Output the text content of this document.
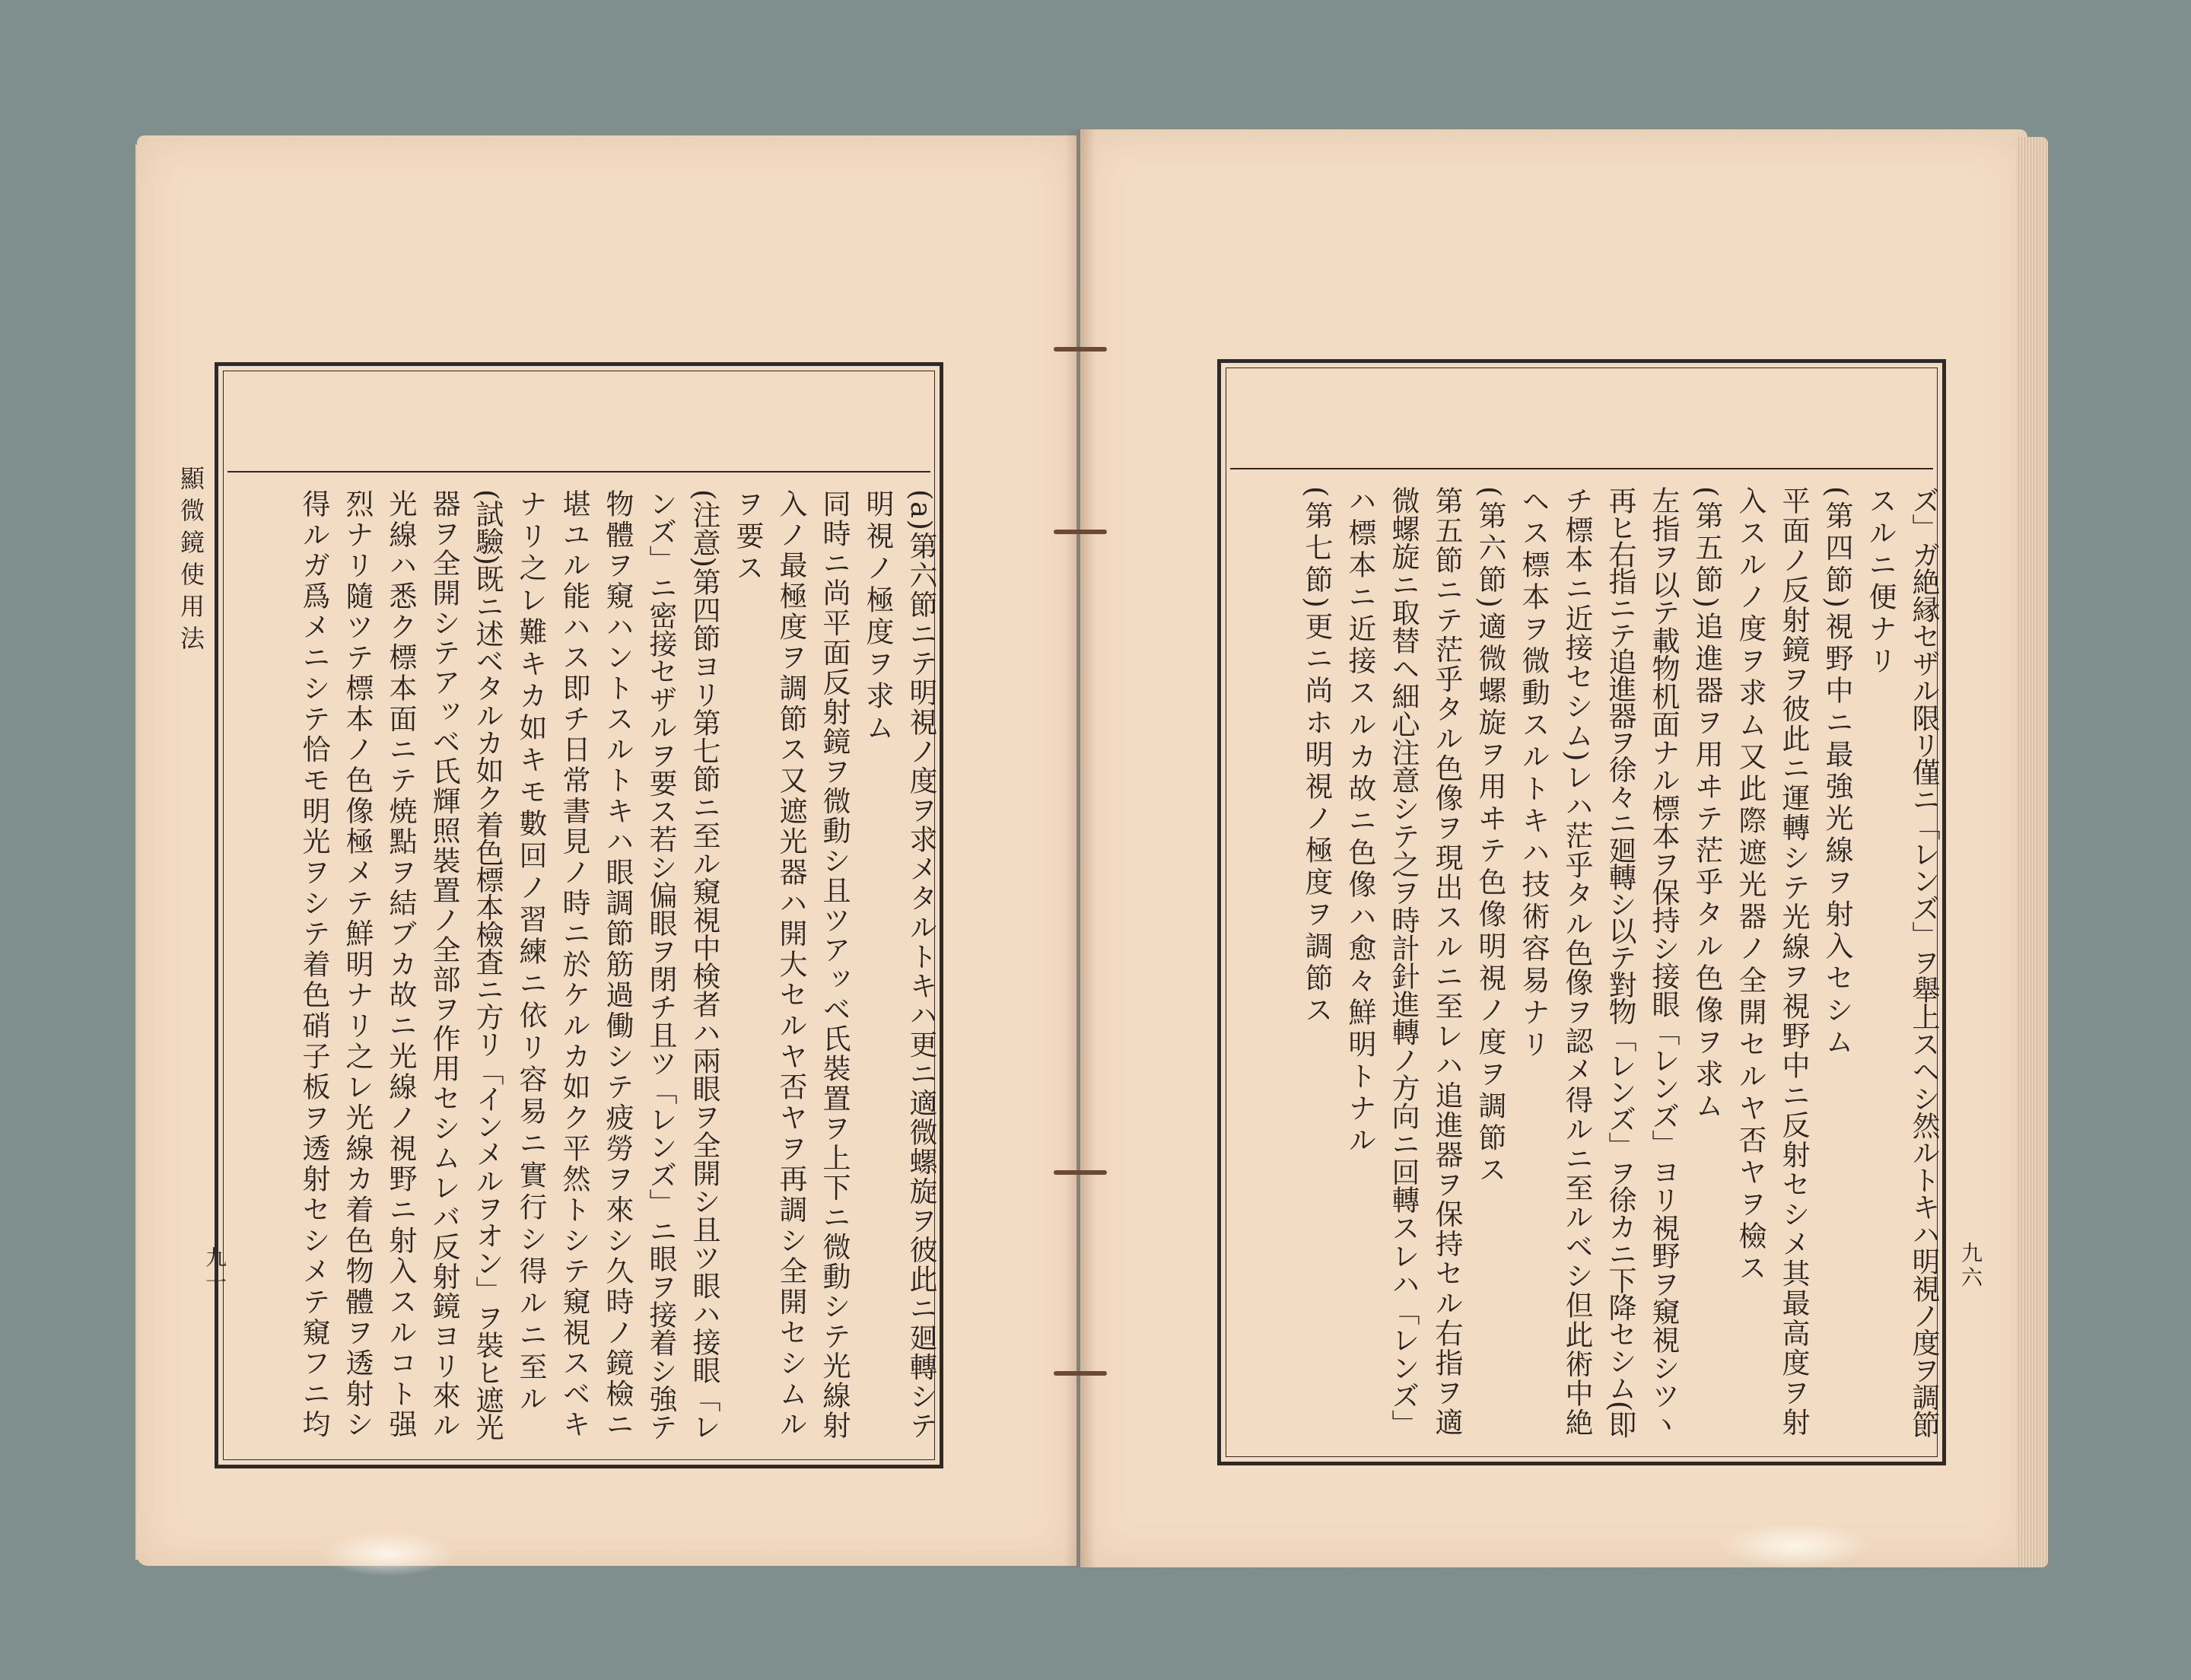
顯微鏡使用法
九一	九六
(a)第六節ニテ明視ノ度ヲ求メタルトキハ更ニ適微螺旋ヲ彼此ニ廻轉シテ
明視ノ極度ヲ求ム
同時ニ尚平面反射鏡ヲ微動シ且ツアッベ氏裝置ヲ上下ニ微動シテ光線射
入ノ最極度ヲ調節ス又遮光器ハ開大セルヤ否ヤヲ再調シ全開セシムル
ヲ要ス
(注意)第四節ヨリ第七節ニ至ル窺視中検者ハ兩眼ヲ全開シ且ツ眼ハ接眼「レ
ンズ」ニ密接セザルヲ要ス若シ偏眼ヲ閉チ且ツ「レンズ」ニ眼ヲ接着シ強テ
物體ヲ窺ハントスルトキハ眼調節筋過働シテ疲勞ヲ來シ久時ノ鏡檢ニ
堪ユル能ハス即チ日常書見ノ時ニ於ケルカ如ク平然トシテ窺視スベキ
ナリ之レ難キカ如キモ數回ノ習練ニ依リ容易ニ實行シ得ルニ至ル
(試驗)既ニ述ベタルカ如ク着色標本檢査ニ方リ「インメルヲオン」ヲ裝ヒ遮光
器ヲ全開シテアッベ氏輝照裝置ノ全部ヲ作用セシムレバ反射鏡ヨリ來ル
光線ハ悉ク標本面ニテ焼點ヲ結ブカ故ニ光線ノ視野ニ射入スルコト强
烈ナリ隨ツテ標本ノ色像極メテ鮮明ナリ之レ光線カ着色物體ヲ透射シ
得ルガ爲メニシテ恰モ明光ヲシテ着色硝子板ヲ透射セシメテ窺フニ均	ズ」ガ絶縁セザル限リ僅ニ「レンズ」ヲ舉上スヘシ然ルトキハ明視ノ度ヲ調節
スルニ便ナリ
(第四節)視野中ニ最強光線ヲ射入セシム
平面ノ反射鏡ヲ彼此ニ運轉シテ光線ヲ視野中ニ反射セシメ其最高度ヲ射
入スルノ度ヲ求ム又此際遮光器ノ全開セルヤ否ヤヲ檢ス
(第五節)追進器ヲ用ヰテ茫乎タル色像ヲ求ム
左指ヲ以テ載物机面ナル標本ヲ保持シ接眼「レンズ」ヨリ視野ヲ窺視シツヽ
再ヒ右指ニテ追進器ヲ徐々ニ廻轉シ以テ對物「レンズ」ヲ徐カニ下降セシム(即
チ標本ニ近接セシム)レハ茫乎タル色像ヲ認メ得ルニ至ルベシ但此術中絶
ヘス標本ヲ微動スルトキハ技術容易ナリ
(第六節)適微螺旋ヲ用ヰテ色像明視ノ度ヲ調節ス
第五節ニテ茫乎タル色像ヲ現出スルニ至レハ追進器ヲ保持セル右指ヲ適
微螺旋ニ取替ヘ細心注意シテ之ヲ時計針進轉ノ方向ニ回轉スレハ「レンズ」
ハ標本ニ近接スルカ故ニ色像ハ愈々鮮明トナル
(第七節)更ニ尚ホ明視ノ極度ヲ調節ス
